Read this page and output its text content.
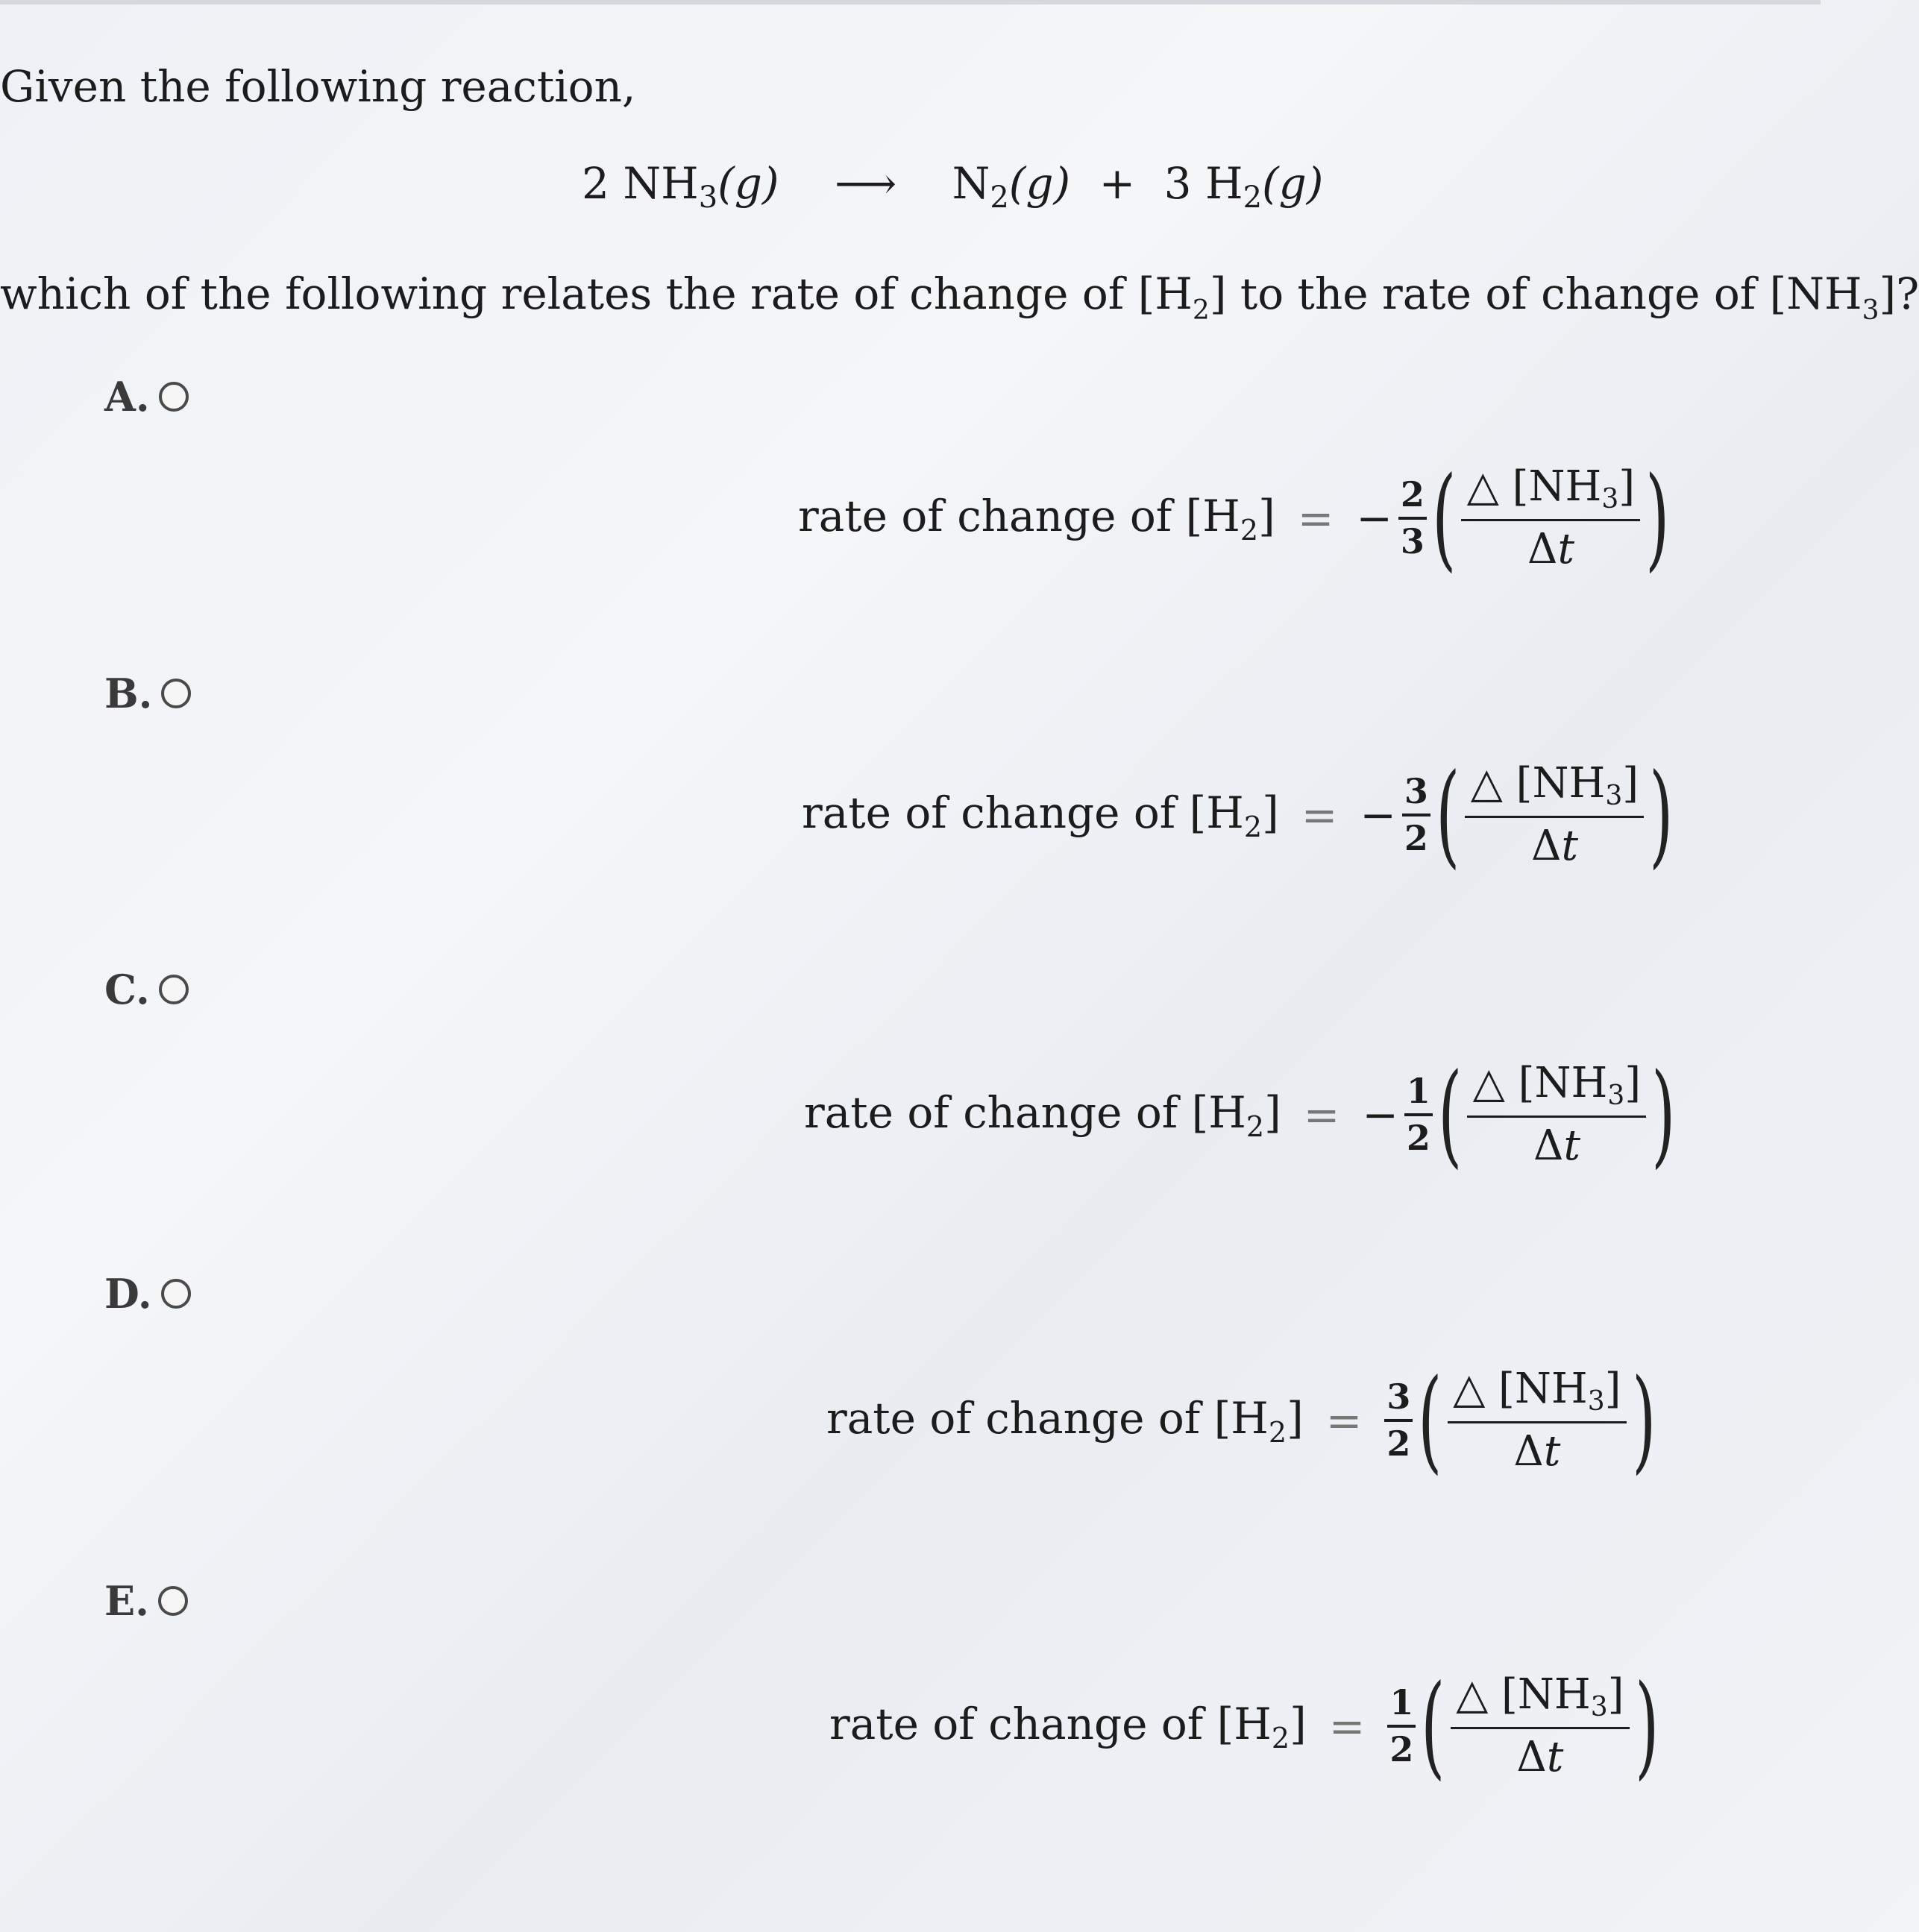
Given the following reaction,
2 $NH_3(g)$ ⟶ $N_2(g) + 3$ $H_2(g)$
which of the following relates the rate of change of $[H_2]$ to the rate of change of $[NH_3]$?
A.
rate of change of $[H_2]$ = − $\frac{2}{3}$ ( △ $[NH_3]$
Δt )
B.
rate of change of $[H_2]$ = − $\frac{3}{2}$ ( △ $[NH_3]$
Δt )
C.
rate of change of $[H_2]$ = − $\frac{1}{2}$ ( △ $[NH_3]$
Δt )
D.
rate of change of $[H_2] = \frac{3}{2}$ ( △ $[NH_3]$
Δt )
E.
rate of change of $[H_2] = \frac{1}{2}$ ( △ $[NH_3]$
Δt )
